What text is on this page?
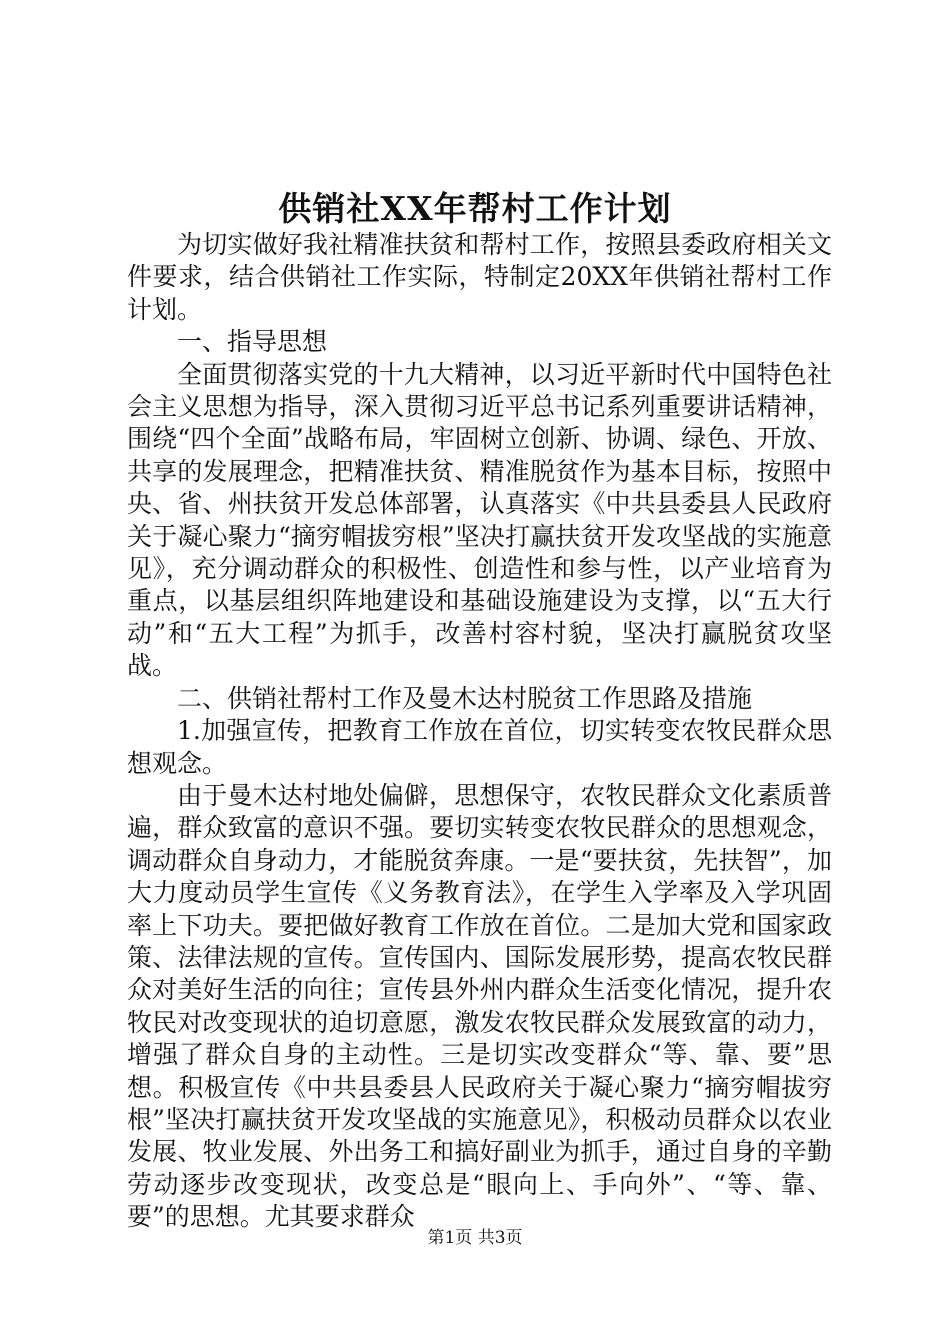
供销社XX年帮村工作计划

为切实做好我社精准扶贫和帮村工作，按照县委政府相关文件要求，结合供销社工作实际，特制定20XX年供销社帮村工作计划。

一、指导思想

全面贯彻落实党的十九大精神，以习近平新时代中国特色社会主义思想为指导，深入贯彻习近平总书记系列重要讲话精神，围绕“四个全面”战略布局，牢固树立创新、协调、绿色、开放、共享的发展理念，把精准扶贫、精准脱贫作为基本目标，按照中央、省、州扶贫开发总体部署，认真落实《中共县委县人民政府关于凝心聚力“摘穷帽拔穷根”坚决打赢扶贫开发攻坚战的实施意见》，充分调动群众的积极性、创造性和参与性，以产业培育为重点，以基层组织阵地建设和基础设施建设为支撑，以“五大行动”和“五大工程”为抓手，改善村容村貌，坚决打赢脱贫攻坚战。

二、供销社帮村工作及曼木达村脱贫工作思路及措施

1.加强宣传，把教育工作放在首位，切实转变农牧民群众思想观念。

由于曼木达村地处偏僻，思想保守，农牧民群众文化素质普遍，群众致富的意识不强。要切实转变农牧民群众的思想观念，调动群众自身动力，才能脱贫奔康。一是“要扶贫，先扶智”，加大力度动员学生宣传《义务教育法》，在学生入学率及入学巩固率上下功夫。要把做好教育工作放在首位。二是加大党和国家政策、法律法规的宣传。宣传国内、国际发展形势，提高农牧民群众对美好生活的向往；宣传县外州内群众生活变化情况，提升农牧民对改变现状的迫切意愿，激发农牧民群众发展致富的动力，增强了群众自身的主动性。三是切实改变群众“等、靠、要”思想。积极宣传《中共县委县人民政府关于凝心聚力“摘穷帽拔穷根”坚决打赢扶贫开发攻坚战的实施意见》，积极动员群众以农业发展、牧业发展、外出务工和搞好副业为抓手，通过自身的辛勤劳动逐步改变现状，改变总是“眼向上、手向外”、“等、靠、要”的思想。尤其要求群众

第1页 共3页
